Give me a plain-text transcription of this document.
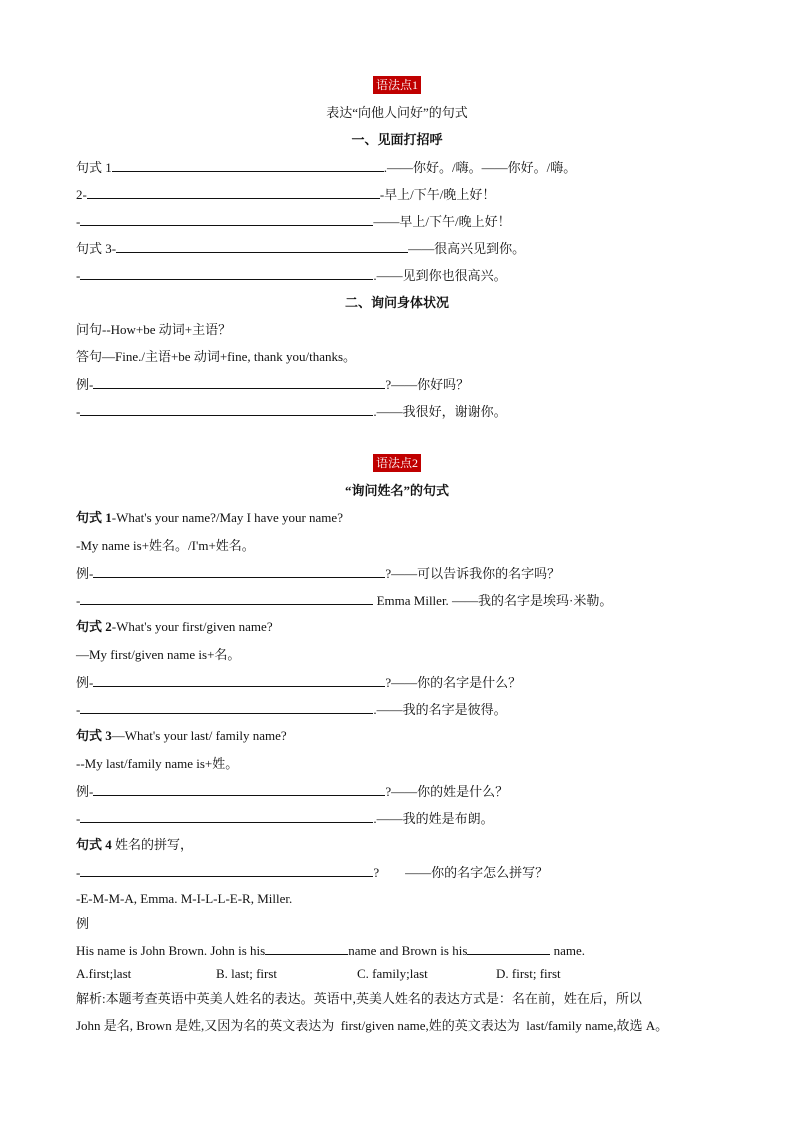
语法点1
表达“向他人问好”的句式
一、见面打招呼
句式 1	.——你好。/嗨。——你好。/嗨。
2-	-早上/下午/晚上好！
-	——早上/下午/晚上好！
句式 3-	——很高兴见到你。
-	.——见到你也很高兴。
二、询问身体状况
问句--How+be 动词+主语？
答句—Fine./主语+be 动词+fine, thank you/thanks。
例-	?——你好吗？
-	.——我很好，谢谢你。
语法点2
“询问姓名”的句式
句式 1-What's your name?/May I have your name?
-My name is+姓名。/I'm+姓名。
例-	?——可以告诉我你的名字吗？
-	Emma Miller. ——我的名字是埃玛·米勒。
句式 2-What's your first/given name?
—My first/given name is+名。
例-	?——你的名字是什么？
-	.——我的名字是彼得。
句式 3—What's your last/ family name?
--My last/family name is+姓。
例-	?——你的姓是什么？
-	.——我的姓是布朗。
句式 4 姓名的拼写，
-	?        ——你的名字怎么拼写？
-E-M-M-A, Emma. M-I-L-L-E-R, Miller.
例
His name is John Brown. John is his	name and Brown is his	name.
A.first;last	B. last; first	C. family;last	D. first; first
解析:本题考查英语中英美人姓名的表达。英语中,英美人姓名的表达方式是：名在前，姓在后，所以
John 是名, Brown 是姓,又因为名的英文表达为  first/given name,姓的英文表达为  last/family name,故选 A。
